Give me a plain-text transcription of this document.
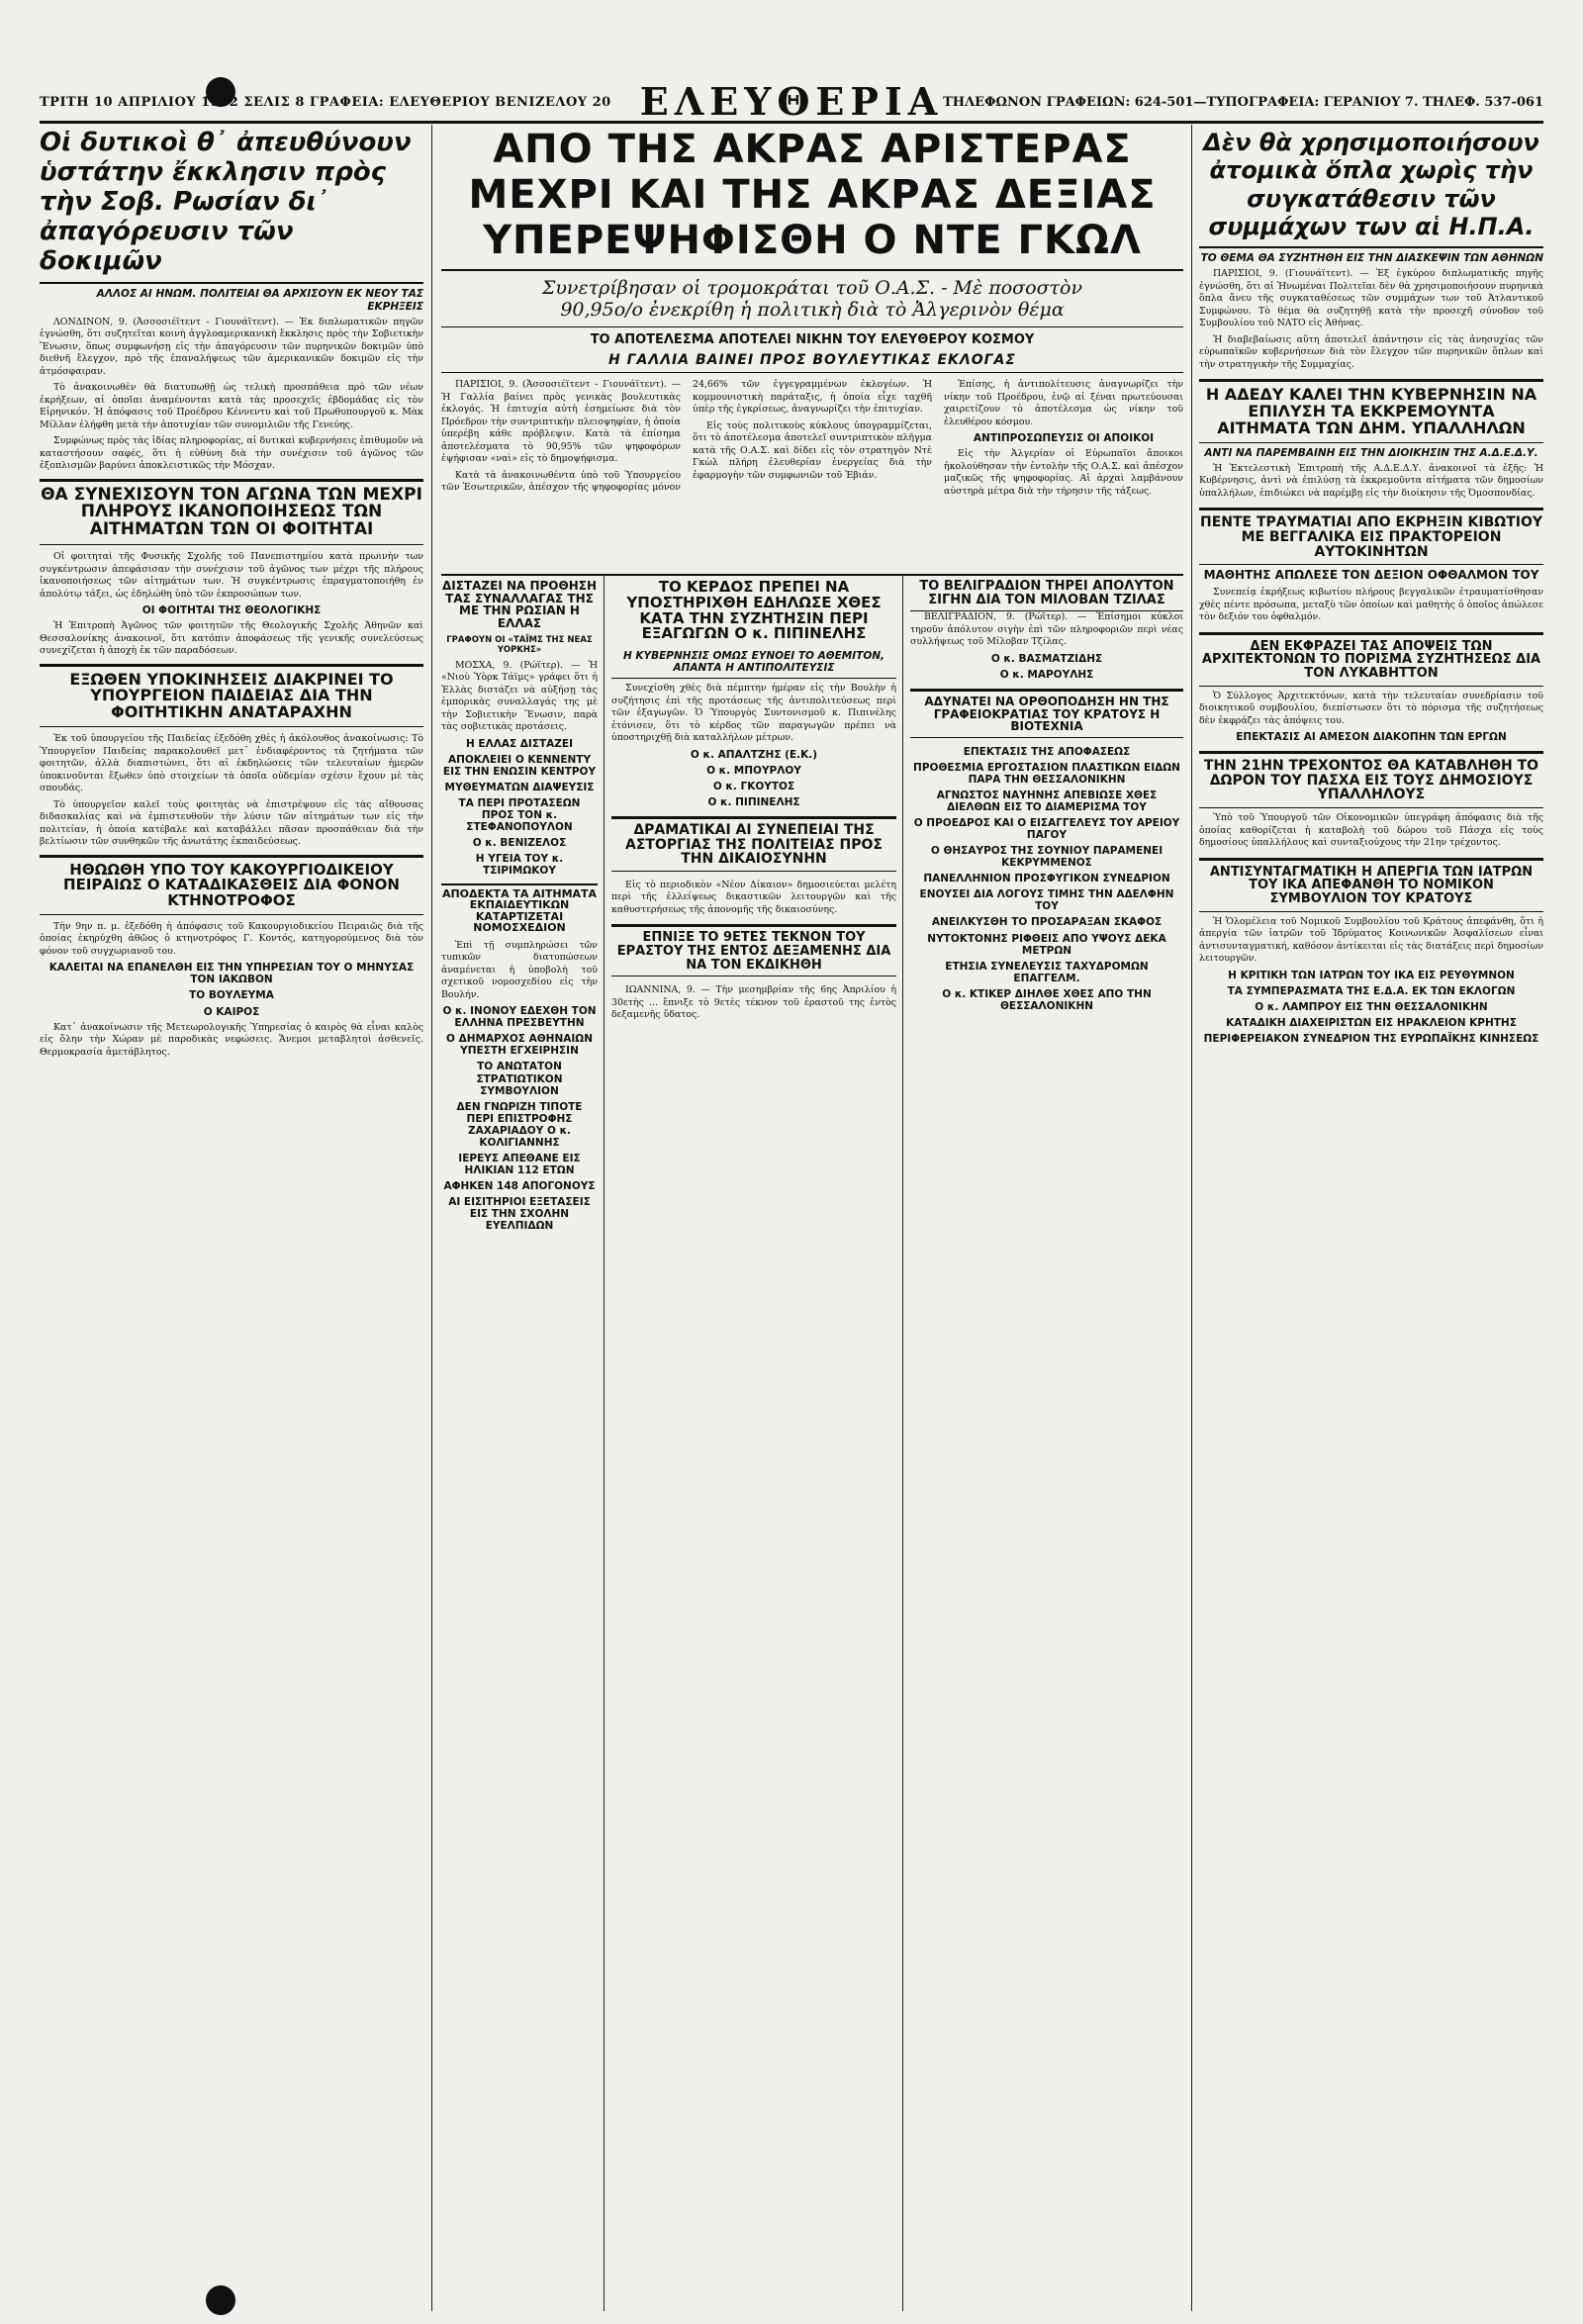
ΤΡΙΤΗ 10 ΑΠΡΙΛΙΟΥ 1962 ΣΕΛΙΣ 8 ΓΡΑΦΕΙΑ: ΕΛΕΥΘΕΡΙΟΥ ΒΕΝΙΖΕΛΟΥ 20 ΕΛΕΥΘΕΡΙΑ ΤΗΛΕΦΩΝΟΝ ΓΡΑΦΕΙΩΝ: 624-501—ΤΥΠΟΓΡΑΦΕΙΑ: ΓΕΡΑΝΙΟΥ 7. ΤΗΛΕΦ. 537-061
Οἱ δυτικοὶ θ᾽ ἀπευθύνουν ὑστάτην ἔκκλησιν πρὸς τὴν Σοβ. Ρωσίαν δι᾽ ἀπαγόρευσιν τῶν δοκιμῶν
ΑΛΛΟΣ ΑΙ ΗΝΩΜ. ΠΟΛΙΤΕΙΑΙ ΘΑ ΑΡΧΙΣΟΥΝ ΕΚ ΝΕΟΥ ΤΑΣ ΕΚΡΗΞΕΙΣ

ΛΟΝΔΙΝΟΝ, 9. (Ἀσσοσιέϊτεντ - Γιουνάϊτεντ). — Ἐκ διπλωματικῶν πηγῶν ἐγνώσθη, ὅτι συζητεῖται κοινὴ ἀγγλοαμερικανικὴ ἔκκλησις πρὸς τὴν Σοβιετικὴν Ἕνωσιν, ὅπως συμφωνήσῃ εἰς τὴν ἀπαγόρευσιν τῶν πυρηνικῶν δοκιμῶν ὑπὸ διεθνῆ ἔλεγχον, πρὸ τῆς ἐπαναλήψεως τῶν ἀμερικανικῶν δοκιμῶν εἰς τὴν ἀτμόσφαιραν.

Τὸ ἀνακοινωθὲν θὰ διατυπωθῇ ὡς τελικὴ προσπάθεια πρὸ τῶν νέων ἐκρήξεων, αἱ ὁποῖαι ἀναμένονται κατὰ τὰς προσεχεῖς ἑβδομάδας εἰς τὸν Εἰρηνικόν. Ἡ ἀπόφασις τοῦ Προέδρου Κέννεντυ καὶ τοῦ Πρωθυπουργοῦ κ. Μὰκ Μίλλαν ἐλήφθη μετὰ τὴν ἀποτυχίαν τῶν συνομιλιῶν τῆς Γενεύης.

Συμφώνως πρὸς τὰς ἰδίας πληροφορίας, αἱ δυτικαὶ κυβερνήσεις ἐπιθυμοῦν νὰ καταστήσουν σαφές, ὅτι ἡ εὐθύνη διὰ τὴν συνέχισιν τοῦ ἀγῶνος τῶν ἐξοπλισμῶν βαρύνει ἀποκλειστικῶς τὴν Μόσχαν.

ΘΑ ΣΥΝΕΧΙΣΟΥΝ ΤΟΝ ΑΓΩΝΑ ΤΩΝ ΜΕΧΡΙ ΠΛΗΡΟΥΣ ΙΚΑΝΟΠΟΙΗΣΕΩΣ ΤΩΝ ΑΙΤΗΜΑΤΩΝ ΤΩΝ ΟΙ ΦΟΙΤΗΤΑΙ

Οἱ φοιτηταὶ τῆς Φυσικῆς Σχολῆς τοῦ Πανεπιστημίου κατὰ πρωινὴν των συγκέντρωσιν ἀπεφάσισαν τὴν συνέχισιν τοῦ ἀγῶνος των μέχρι τῆς πλήρους ἱκανοποιήσεως τῶν αἰτημάτων των. Ἡ συγκέντρωσις ἐπραγματοποιήθη ἐν ἀπολύτῳ τάξει, ὡς ἐδηλώθη ὑπὸ τῶν ἐκπροσώπων των.

ΟΙ ΦΟΙΤΗΤΑΙ ΤΗΣ ΘΕΟΛΟΓΙΚΗΣ

Ἡ Ἐπιτροπὴ Ἀγῶνος τῶν φοιτητῶν τῆς Θεολογικῆς Σχολῆς Ἀθηνῶν καὶ Θεσσαλονίκης ἀνακοινοῖ, ὅτι κατόπιν ἀποφάσεως τῆς γενικῆς συνελεύσεως συνεχίζεται ἡ ἀποχὴ ἐκ τῶν παραδόσεων.

ΕΞΩΘΕΝ ΥΠΟΚΙΝΗΣΕΙΣ ΔΙΑΚΡΙΝΕΙ ΤΟ ΥΠΟΥΡΓΕΙΟΝ ΠΑΙΔΕΙΑΣ ΔΙΑ ΤΗΝ ΦΟΙΤΗΤΙΚΗΝ ΑΝΑΤΑΡΑΧΗΝ

Ἐκ τοῦ ὑπουργείου τῆς Παιδείας ἐξεδόθη χθὲς ἡ ἀκόλουθος ἀνακοίνωσις: Τὸ Ὑπουργεῖον Παιδείας παρακολουθεῖ μετ᾽ ἐνδιαφέροντος τὰ ζητήματα τῶν φοιτητῶν, ἀλλὰ διαπιστώνει, ὅτι αἱ ἐκδηλώσεις τῶν τελευταίων ἡμερῶν ὑποκινοῦνται ἔξωθεν ὑπὸ στοιχείων τὰ ὁποῖα οὐδεμίαν σχέσιν ἔχουν μὲ τὰς σπουδάς.

Τὸ ὑπουργεῖον καλεῖ τοὺς φοιτητὰς νὰ ἐπιστρέψουν εἰς τὰς αἴθουσας διδασκαλίας καὶ νὰ ἐμπιστευθοῦν τὴν λύσιν τῶν αἰτημάτων των εἰς τὴν πολιτείαν, ἡ ὁποία κατέβαλε καὶ καταβάλλει πᾶσαν προσπάθειαν διὰ τὴν βελτίωσιν τῶν συνθηκῶν τῆς ἀνωτάτης ἐκπαιδεύσεως.

ΗΘΩΩΘΗ ΥΠΟ ΤΟΥ ΚΑΚΟΥΡΓΙΟΔΙΚΕΙΟΥ ΠΕΙΡΑΙΩΣ Ο ΚΑΤΑΔΙΚΑΣΘΕΙΣ ΔΙΑ ΦΟΝΟΝ ΚΤΗΝΟΤΡΟΦΟΣ

Τὴν 9ην π. μ. ἐξεδόθη ἡ ἀπόφασις τοῦ Κακουργιοδικείου Πειραιῶς διὰ τῆς ὁποίας ἐκηρύχθη ἀθῶος ὁ κτηνοτρόφος Γ. Κοντός, κατηγορούμενος διὰ τὸν φόνον τοῦ συγχωριανοῦ του.

ΚΑΛΕΙΤΑΙ ΝΑ ΕΠΑΝΕΛΘΗ ΕΙΣ ΤΗΝ ΥΠΗΡΕΣΙΑΝ ΤΟΥ Ο ΜΗΝΥΣΑΣ ΤΟΝ ΙΑΚΩΒΟΝ
ΤΟ ΒΟΥΛΕΥΜΑ
Ο ΚΑΙΡΟΣ

Κατ᾽ ἀνακοίνωσιν τῆς Μετεωρολογικῆς Ὑπηρεσίας ὁ καιρὸς θὰ εἶναι καλὸς εἰς ὅλην τὴν Χώραν μὲ παροδικὰς νεφώσεις. Ἄνεμοι μεταβλητοὶ ἀσθενεῖς. Θερμοκρασία ἀμετάβλητος.

ΑΠΟ ΤΗΣ ΑΚΡΑΣ ΑΡΙΣΤΕΡΑΣ
ΜΕΧΡΙ ΚΑΙ ΤΗΣ ΑΚΡΑΣ ΔΕΞΙΑΣ
ΥΠΕΡΕΨΗΦΙΣΘΗ Ο ΝΤΕ ΓΚΩΛ
Συνετρίβησαν οἱ τρομοκράται τοῦ Ο.Α.Σ. - Μὲ ποσοστὸν
90,95ο/ο ἐνεκρίθη ἡ πολιτικὴ διὰ τὸ Ἀλγερινὸν θέμα
ΤΟ ΑΠΟΤΕΛΕΣΜΑ ΑΠΟΤΕΛΕΙ ΝΙΚΗΝ ΤΟΥ ΕΛΕΥΘΕΡΟΥ ΚΟΣΜΟΥ
Η ΓΑΛΛΙΑ ΒΑΙΝΕΙ ΠΡΟΣ ΒΟΥΛΕΥΤΙΚΑΣ ΕΚΛΟΓΑΣ

ΠΑΡΙΣΙΟΙ, 9. (Ἀσσοσιέϊτεντ - Γιουνάϊτεντ). — Ἡ Γαλλία βαίνει πρὸς γενικὰς βουλευτικὰς ἐκλογάς. Ἡ ἐπιτυχία αὐτὴ ἐσημείωσε διὰ τὸν Πρόεδρον τὴν συντριπτικὴν πλειοψηφίαν, ἡ ὁποία ὑπερέβη κάθε πρόβλεψιν. Κατὰ τὰ ἐπίσημα ἀποτελέσματα τὸ 90,95% τῶν ψηφοφόρων ἐψήφισαν «ναὶ» εἰς τὸ δημοψήφισμα.

Κατὰ τὰ ἀνακοινωθέντα ὑπὸ τοῦ Ὑπουργείου τῶν Ἐσωτερικῶν, ἀπέσχον τῆς ψηφοφορίας μόνον 24,66% τῶν ἐγγεγραμμένων ἐκλογέων. Ἡ κομμουνιστικὴ παράταξις, ἡ ὁποία εἶχε ταχθῆ ὑπὲρ τῆς ἐγκρίσεως, ἀναγνωρίζει τὴν ἐπιτυχίαν.

Εἰς τοὺς πολιτικοὺς κύκλους ὑπογραμμίζεται, ὅτι τὸ ἀποτέλεσμα ἀποτελεῖ συντριπτικὸν πλῆγμα κατὰ τῆς Ο.Α.Σ. καὶ δίδει εἰς τὸν στρατηγὸν Ντὲ Γκὼλ πλήρη ἐλευθερίαν ἐνεργείας διὰ τὴν ἐφαρμογὴν τῶν συμφωνιῶν τοῦ Ἐβιάν.

Ἐπίσης, ἡ ἀντιπολίτευσις ἀναγνωρίζει τὴν νίκην τοῦ Προέδρου, ἐνῷ αἱ ξέναι πρωτεύουσαι χαιρετίζουν τὸ ἀποτέλεσμα ὡς νίκην τοῦ ἐλευθέρου κόσμου.

ΑΝΤΙΠΡΟΣΩΠΕΥΣΙΣ ΟΙ ΑΠΟΙΚΟΙ

Εἰς τὴν Ἀλγερίαν οἱ Εὐρωπαῖοι ἄποικοι ἠκολούθησαν τὴν ἐντολὴν τῆς Ο.Α.Σ. καὶ ἀπέσχον μαζικῶς τῆς ψηφοφορίας. Αἱ ἀρχαὶ λαμβάνουν αὐστηρὰ μέτρα διὰ τὴν τήρησιν τῆς τάξεως.

ΔΙΣΤΑΖΕΙ ΝΑ ΠΡΟΘΗΣΗ ΤΑΣ ΣΥΝΑΛΛΑΓΑΣ ΤΗΣ ΜΕ ΤΗΝ ΡΩΣΙΑΝ Η ΕΛΛΑΣ
ΓΡΑΦΟΥΝ ΟΙ «ΤΑΪΜΣ ΤΗΣ ΝΕΑΣ ΥΟΡΚΗΣ»

ΜΟΣΧΑ, 9. (Ρώϊτερ). — Ἡ «Νιοὺ Ὑὸρκ Τάϊμς» γράφει ὅτι ἡ Ἑλλὰς διστάζει νὰ αὐξήσῃ τὰς ἐμπορικὰς συναλλαγάς της μὲ τὴν Σοβιετικὴν Ἕνωσιν, παρὰ τὰς σοβιετικὰς προτάσεις.

Η ΕΛΛΑΣ ΔΙΣΤΑΖΕΙ
ΑΠΟΚΛΕΙΕΙ Ο ΚΕΝΝΕΝΤΥ ΕΙΣ ΤΗΝ ΕΝΩΣΙΝ ΚΕΝΤΡΟΥ
ΜΥΘΕΥΜΑΤΩΝ ΔΙΑΨΕΥΣΙΣ
ΤΑ ΠΕΡΙ ΠΡΟΤΑΣΕΩΝ ΠΡΟΣ ΤΟΝ κ. ΣΤΕΦΑΝΟΠΟΥΛΟΝ
Ο κ. ΒΕΝΙΖΕΛΟΣ
Η ΥΓΕΙΑ ΤΟΥ κ. ΤΣΙΡΙΜΩΚΟΥ
ΑΠΟΔΕΚΤΑ ΤΑ ΑΙΤΗΜΑΤΑ ΕΚΠΑΙΔΕΥΤΙΚΩΝ ΚΑΤΑΡΤΙΖΕΤΑΙ ΝΟΜΟΣΧΕΔΙΟΝ

Ἐπὶ τῇ συμπληρώσει τῶν τυπικῶν διατυπώσεων ἀναμένεται ἡ ὑποβολὴ τοῦ σχετικοῦ νομοσχεδίου εἰς τὴν Βουλήν.

Ο κ. ΙΝΟΝΟΥ ΕΔΕΧΘΗ ΤΟΝ ΕΛΛΗΝΑ ΠΡΕΣΒΕΥΤΗΝ
Ο ΔΗΜΑΡΧΟΣ ΑΘΗΝΑΙΩΝ ΥΠΕΣΤΗ ΕΓΧΕΙΡΗΣΙΝ
ΤΟ ΑΝΩΤΑΤΟΝ ΣΤΡΑΤΙΩΤΙΚΟΝ ΣΥΜΒΟΥΛΙΟΝ
ΔΕΝ ΓΝΩΡΙΖΗ ΤΙΠΟΤΕ ΠΕΡΙ ΕΠΙΣΤΡΟΦΗΣ ΖΑΧΑΡΙΑΔΟΥ Ο κ. ΚΟΛΙΓΙΑΝΝΗΣ
ΙΕΡΕΥΣ ΑΠΕΘΑΝΕ ΕΙΣ ΗΛΙΚΙΑΝ 112 ΕΤΩΝ
ΑΦΗΚΕΝ 148 ΑΠΟΓΟΝΟΥΣ
ΑΙ ΕΙΣΙΤΗΡΙΟΙ ΕΞΕΤΑΣΕΙΣ ΕΙΣ ΤΗΝ ΣΧΟΛΗΝ ΕΥΕΛΠΙΔΩΝ
ΤΟ ΚΕΡΔΟΣ ΠΡΕΠΕΙ ΝΑ ΥΠΟΣΤΗΡΙΧΘΗ ΕΔΗΛΩΣΕ ΧΘΕΣ ΚΑΤΑ ΤΗΝ ΣΥΖΗΤΗΣΙΝ ΠΕΡΙ ΕΞΑΓΩΓΩΝ Ο κ. ΠΙΠΙΝΕΛΗΣ
Η ΚΥΒΕΡΝΗΣΙΣ ΟΜΩΣ ΕΥΝΟΕΙ ΤΟ ΑΘΕΜΙΤΟΝ, ΑΠΑΝΤΑ Η ΑΝΤΙΠΟΛΙΤΕΥΣΙΣ

Συνεχίσθη χθὲς διὰ πέμπτην ἡμέραν εἰς τὴν Βουλὴν ἡ συζήτησις ἐπὶ τῆς προτάσεως τῆς ἀντιπολιτεύσεως περὶ τῶν ἐξαγωγῶν. Ὁ Ὑπουργὸς Συντονισμοῦ κ. Πιπινέλης ἐτόνισεν, ὅτι τὸ κέρδος τῶν παραγωγῶν πρέπει νὰ ὑποστηριχθῇ διὰ καταλλήλων μέτρων.

Ο κ. ΑΠΑΛΤΖΗΣ (Ε.Κ.)
Ο κ. ΜΠΟΥΡΛΟΥ
Ο κ. ΓΚΟΥΤΟΣ
Ο κ. ΠΙΠΙΝΕΛΗΣ
ΔΡΑΜΑΤΙΚΑΙ ΑΙ ΣΥΝΕΠΕΙΑΙ ΤΗΣ ΑΣΤΟΡΓΙΑΣ ΤΗΣ ΠΟΛΙΤΕΙΑΣ ΠΡΟΣ ΤΗΝ ΔΙΚΑΙΟΣΥΝΗΝ

Εἰς τὸ περιοδικὸν «Νέον Δίκαιον» δημοσιεύεται μελέτη περὶ τῆς ἐλλείψεως δικαστικῶν λειτουργῶν καὶ τῆς καθυστερήσεως τῆς ἀπονομῆς τῆς δικαιοσύνης.

ΕΠΝΙΞΕ ΤΟ 9ΕΤΕΣ ΤΕΚΝΟΝ ΤΟΥ ΕΡΑΣΤΟΥ ΤΗΣ ΕΝΤΟΣ ΔΕΞΑΜΕΝΗΣ ΔΙΑ ΝΑ ΤΟΝ ΕΚΔΙΚΗΘΗ

ΙΩΑΝΝΙΝΑ, 9. — Τὴν μεσημβρίαν τῆς 6ης Ἀπριλίου ἡ 30ετὴς ... ἔπνιξε τὸ 9ετὲς τέκνον τοῦ ἐραστοῦ της ἐντὸς δεξαμενῆς ὕδατος.

ΤΟ ΒΕΛΙΓΡΑΔΙΟΝ ΤΗΡΕΙ ΑΠΟΛΥΤΟΝ ΣΙΓΗΝ ΔΙΑ ΤΟΝ ΜΙΛΟΒΑΝ ΤΖΙΛΑΣ

ΒΕΛΙΓΡΑΔΙΟΝ, 9. (Ρώϊτερ). — Ἐπίσημοι κύκλοι τηροῦν ἀπόλυτον σιγὴν ἐπὶ τῶν πληροφοριῶν περὶ νέας συλλήψεως τοῦ Μίλοβαν Τζίλας.

Ο κ. ΒΑΣΜΑΤΖΙΔΗΣ
Ο κ. ΜΑΡΟΥΛΗΣ
ΑΔΥΝΑΤΕΙ ΝΑ ΟΡΘΟΠΟΔΗΣΗ ΗΝ ΤΗΣ ΓΡΑΦΕΙΟΚΡΑΤΙΑΣ ΤΟΥ ΚΡΑΤΟΥΣ Η ΒΙΟΤΕΧΝΙΑ
ΕΠΕΚΤΑΣΙΣ ΤΗΣ ΑΠΟΦΑΣΕΩΣ
ΠΡΟΘΕΣΜΙΑ ΕΡΓΟΣΤΑΣΙΟΝ ΠΛΑΣΤΙΚΩΝ ΕΙΔΩΝ ΠΑΡΑ ΤΗΝ ΘΕΣΣΑΛΟΝΙΚΗΝ
ΑΓΝΩΣΤΟΣ ΝΑΥΗΝΗΣ ΑΠΕΒΙΩΣΕ ΧΘΕΣ ΔΙΕΛΘΩΝ ΕΙΣ ΤΟ ΔΙΑΜΕΡΙΣΜΑ ΤΟΥ
Ο ΠΡΟΕΔΡΟΣ ΚΑΙ Ο ΕΙΣΑΓΓΕΛΕΥΣ ΤΟΥ ΑΡΕΙΟΥ ΠΑΓΟΥ
Ο ΘΗΣΑΥΡΟΣ ΤΗΣ ΣΟΥΝΙΟΥ ΠΑΡΑΜΕΝΕΙ ΚΕΚΡΥΜΜΕΝΟΣ
ΠΑΝΕΛΛΗΝΙΟΝ ΠΡΟΣΦΥΓΙΚΟΝ ΣΥΝΕΔΡΙΟΝ
ΕΝΟΥΣΕΙ ΔΙΑ ΛΟΓΟΥΣ ΤΙΜΗΣ ΤΗΝ ΑΔΕΛΦΗΝ ΤΟΥ
ΑΝΕΙΛΚΥΣΘΗ ΤΟ ΠΡΟΣΑΡΑΞΑΝ ΣΚΑΦΟΣ
ΝΥΤΟΚΤΟΝΗΣ ΡΙΦΘΕΙΣ ΑΠΟ ΥΨΟΥΣ ΔΕΚΑ ΜΕΤΡΩΝ
ΕΤΗΣΙΑ ΣΥΝΕΛΕΥΣΙΣ ΤΑΧΥΔΡΟΜΩΝ ΕΠΑΓΓΕΛΜ.
Ο κ. ΚΤΙΚΕΡ ΔΙΗΛΘΕ ΧΘΕΣ ΑΠΟ ΤΗΝ ΘΕΣΣΑΛΟΝΙΚΗΝ
Δὲν θὰ χρησιμοποιήσουν ἀτομικὰ ὅπλα χωρὶς τὴν συγκατάθεσιν τῶν συμμάχων των αἱ Η.Π.Α.
ΤΟ ΘΕΜΑ ΘΑ ΣΥΖΗΤΗΘΗ ΕΙΣ ΤΗΝ ΔΙΑΣΚΕΨΙΝ ΤΩΝ ΑΘΗΝΩΝ

ΠΑΡΙΣΙΟΙ, 9. (Γιουνάϊτεντ). — Ἐξ ἐγκύρου διπλωματικῆς πηγῆς ἐγνώσθη, ὅτι αἱ Ἡνωμέναι Πολιτεῖαι δὲν θὰ χρησιμοποιήσουν πυρηνικὰ ὅπλα ἄνευ τῆς συγκαταθέσεως τῶν συμμάχων των τοῦ Ἀτλαντικοῦ Συμφώνου. Τὸ θέμα θὰ συζητηθῇ κατὰ τὴν προσεχῆ σύνοδον τοῦ Συμβουλίου τοῦ ΝΑΤΟ εἰς Ἀθήνας.

Ἡ διαβεβαίωσις αὕτη ἀποτελεῖ ἀπάντησιν εἰς τὰς ἀνησυχίας τῶν εὐρωπαϊκῶν κυβερνήσεων διὰ τὸν ἔλεγχον τῶν πυρηνικῶν ὅπλων καὶ τὴν στρατηγικὴν τῆς Συμμαχίας.

Η ΑΔΕΔΥ ΚΑΛΕΙ ΤΗΝ ΚΥΒΕΡΝΗΣΙΝ ΝΑ ΕΠΙΛΥΣΗ ΤΑ ΕΚΚΡΕΜΟΥΝΤΑ ΑΙΤΗΜΑΤΑ ΤΩΝ ΔΗΜ. ΥΠΑΛΛΗΛΩΝ
ΑΝΤΙ ΝΑ ΠΑΡΕΜΒΑΙΝΗ ΕΙΣ ΤΗΝ ΔΙΟΙΚΗΣΙΝ ΤΗΣ Α.Δ.Ε.Δ.Υ.

Ἡ Ἐκτελεστικὴ Ἐπιτροπὴ τῆς Α.Δ.Ε.Δ.Υ. ἀνακοινοῖ τὰ ἑξῆς: Ἡ Κυβέρνησις, ἀντὶ νὰ ἐπιλύσῃ τὰ ἐκκρεμοῦντα αἰτήματα τῶν δημοσίων ὑπαλλήλων, ἐπιδιώκει νὰ παρέμβῃ εἰς τὴν διοίκησιν τῆς Ὀμοσπονδίας.

ΠΕΝΤΕ ΤΡΑΥΜΑΤΙΑΙ ΑΠΟ ΕΚΡΗΞΙΝ ΚΙΒΩΤΙΟΥ ΜΕ ΒΕΓΓΑΛΙΚΑ ΕΙΣ ΠΡΑΚΤΟΡΕΙΟΝ ΑΥΤΟΚΙΝΗΤΩΝ
ΜΑΘΗΤΗΣ ΑΠΩΛΕΣΕ ΤΟΝ ΔΕΞΙΟΝ ΟΦΘΑΛΜΟΝ ΤΟΥ

Συνεπείᾳ ἐκρήξεως κιβωτίου πλήρους βεγγαλικῶν ἐτραυματίσθησαν χθὲς πέντε πρόσωπα, μεταξὺ τῶν ὁποίων καὶ μαθητὴς ὁ ὁποῖος ἀπώλεσε τὸν δεξιόν του ὀφθαλμόν.

ΔΕΝ ΕΚΦΡΑΖΕΙ ΤΑΣ ΑΠΟΨΕΙΣ ΤΩΝ ΑΡΧΙΤΕΚΤΟΝΩΝ ΤΟ ΠΟΡΙΣΜΑ ΣΥΖΗΤΗΣΕΩΣ ΔΙΑ ΤΟΝ ΛΥΚΑΒΗΤΤΟΝ

Ὁ Σύλλογος Ἀρχιτεκτόνων, κατὰ τὴν τελευταίαν συνεδρίασιν τοῦ διοικητικοῦ συμβουλίου, διεπίστωσεν ὅτι τὸ πόρισμα τῆς συζητήσεως δὲν ἐκφράζει τὰς ἀπόψεις του.

ΕΠΕΚΤΑΣΙΣ ΑΙ ΑΜΕΣΟΝ ΔΙΑΚΟΠΗΝ ΤΩΝ ΕΡΓΩΝ
ΤΗΝ 21ΗΝ ΤΡΕΧΟΝΤΟΣ ΘΑ ΚΑΤΑΒΛΗΘΗ ΤΟ ΔΩΡΟΝ ΤΟΥ ΠΑΣΧΑ ΕΙΣ ΤΟΥΣ ΔΗΜΟΣΙΟΥΣ ΥΠΑΛΛΗΛΟΥΣ

Ὑπὸ τοῦ Ὑπουργοῦ τῶν Οἰκονομικῶν ὑπεγράφη ἀπόφασις διὰ τῆς ὁποίας καθορίζεται ἡ καταβολὴ τοῦ δώρου τοῦ Πάσχα εἰς τοὺς δημοσίους ὑπαλλήλους καὶ συνταξιούχους τὴν 21ην τρέχοντος.

ΑΝΤΙΣΥΝΤΑΓΜΑΤΙΚΗ Η ΑΠΕΡΓΙΑ ΤΩΝ ΙΑΤΡΩΝ ΤΟΥ ΙΚΑ ΑΠΕΦΑΝΘΗ ΤΟ ΝΟΜΙΚΟΝ ΣΥΜΒΟΥΛΙΟΝ ΤΟΥ ΚΡΑΤΟΥΣ

Ἡ Ὁλομέλεια τοῦ Νομικοῦ Συμβουλίου τοῦ Κράτους ἀπεφάνθη, ὅτι ἡ ἀπεργία τῶν ἰατρῶν τοῦ Ἱδρύματος Κοινωνικῶν Ἀσφαλίσεων εἶναι ἀντισυνταγματική, καθόσον ἀντίκειται εἰς τὰς διατάξεις περὶ δημοσίων λειτουργῶν.

Η ΚΡΙΤΙΚΗ ΤΩΝ ΙΑΤΡΩΝ ΤΟΥ ΙΚΑ ΕΙΣ ΡΕΥΘΥΜΝΟΝ
ΤΑ ΣΥΜΠΕΡΑΣΜΑΤΑ ΤΗΣ Ε.Δ.Α. ΕΚ ΤΩΝ ΕΚΛΟΓΩΝ
Ο κ. ΛΑΜΠΡΟΥ ΕΙΣ ΤΗΝ ΘΕΣΣΑΛΟΝΙΚΗΝ
ΚΑΤΑΔΙΚΗ ΔΙΑΧΕΙΡΙΣΤΩΝ ΕΙΣ ΗΡΑΚΛΕΙΟΝ ΚΡΗΤΗΣ
ΠΕΡΙΦΕΡΕΙΑΚΟΝ ΣΥΝΕΔΡΙΟΝ ΤΗΣ ΕΥΡΩΠΑΪΚΗΣ ΚΙΝΗΣΕΩΣ
